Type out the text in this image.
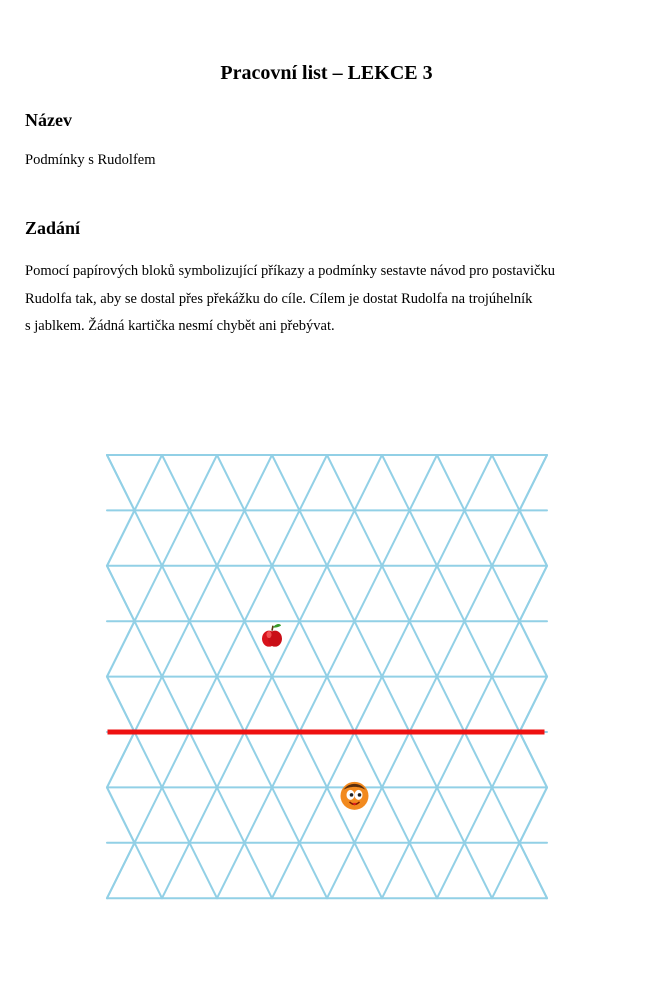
Pracovní list – LEKCE 3
Název
Podmínky s Rudolfem
Zadání
Pomocí papírových bloků symbolizující příkazy a podmínky sestavte návod pro postavičku
Rudolfa tak, aby se dostal přes překážku do cíle. Cílem je dostat Rudolfa na trojúhelník
s jablkem. Žádná kartička nesmí chybět ani přebývat.
